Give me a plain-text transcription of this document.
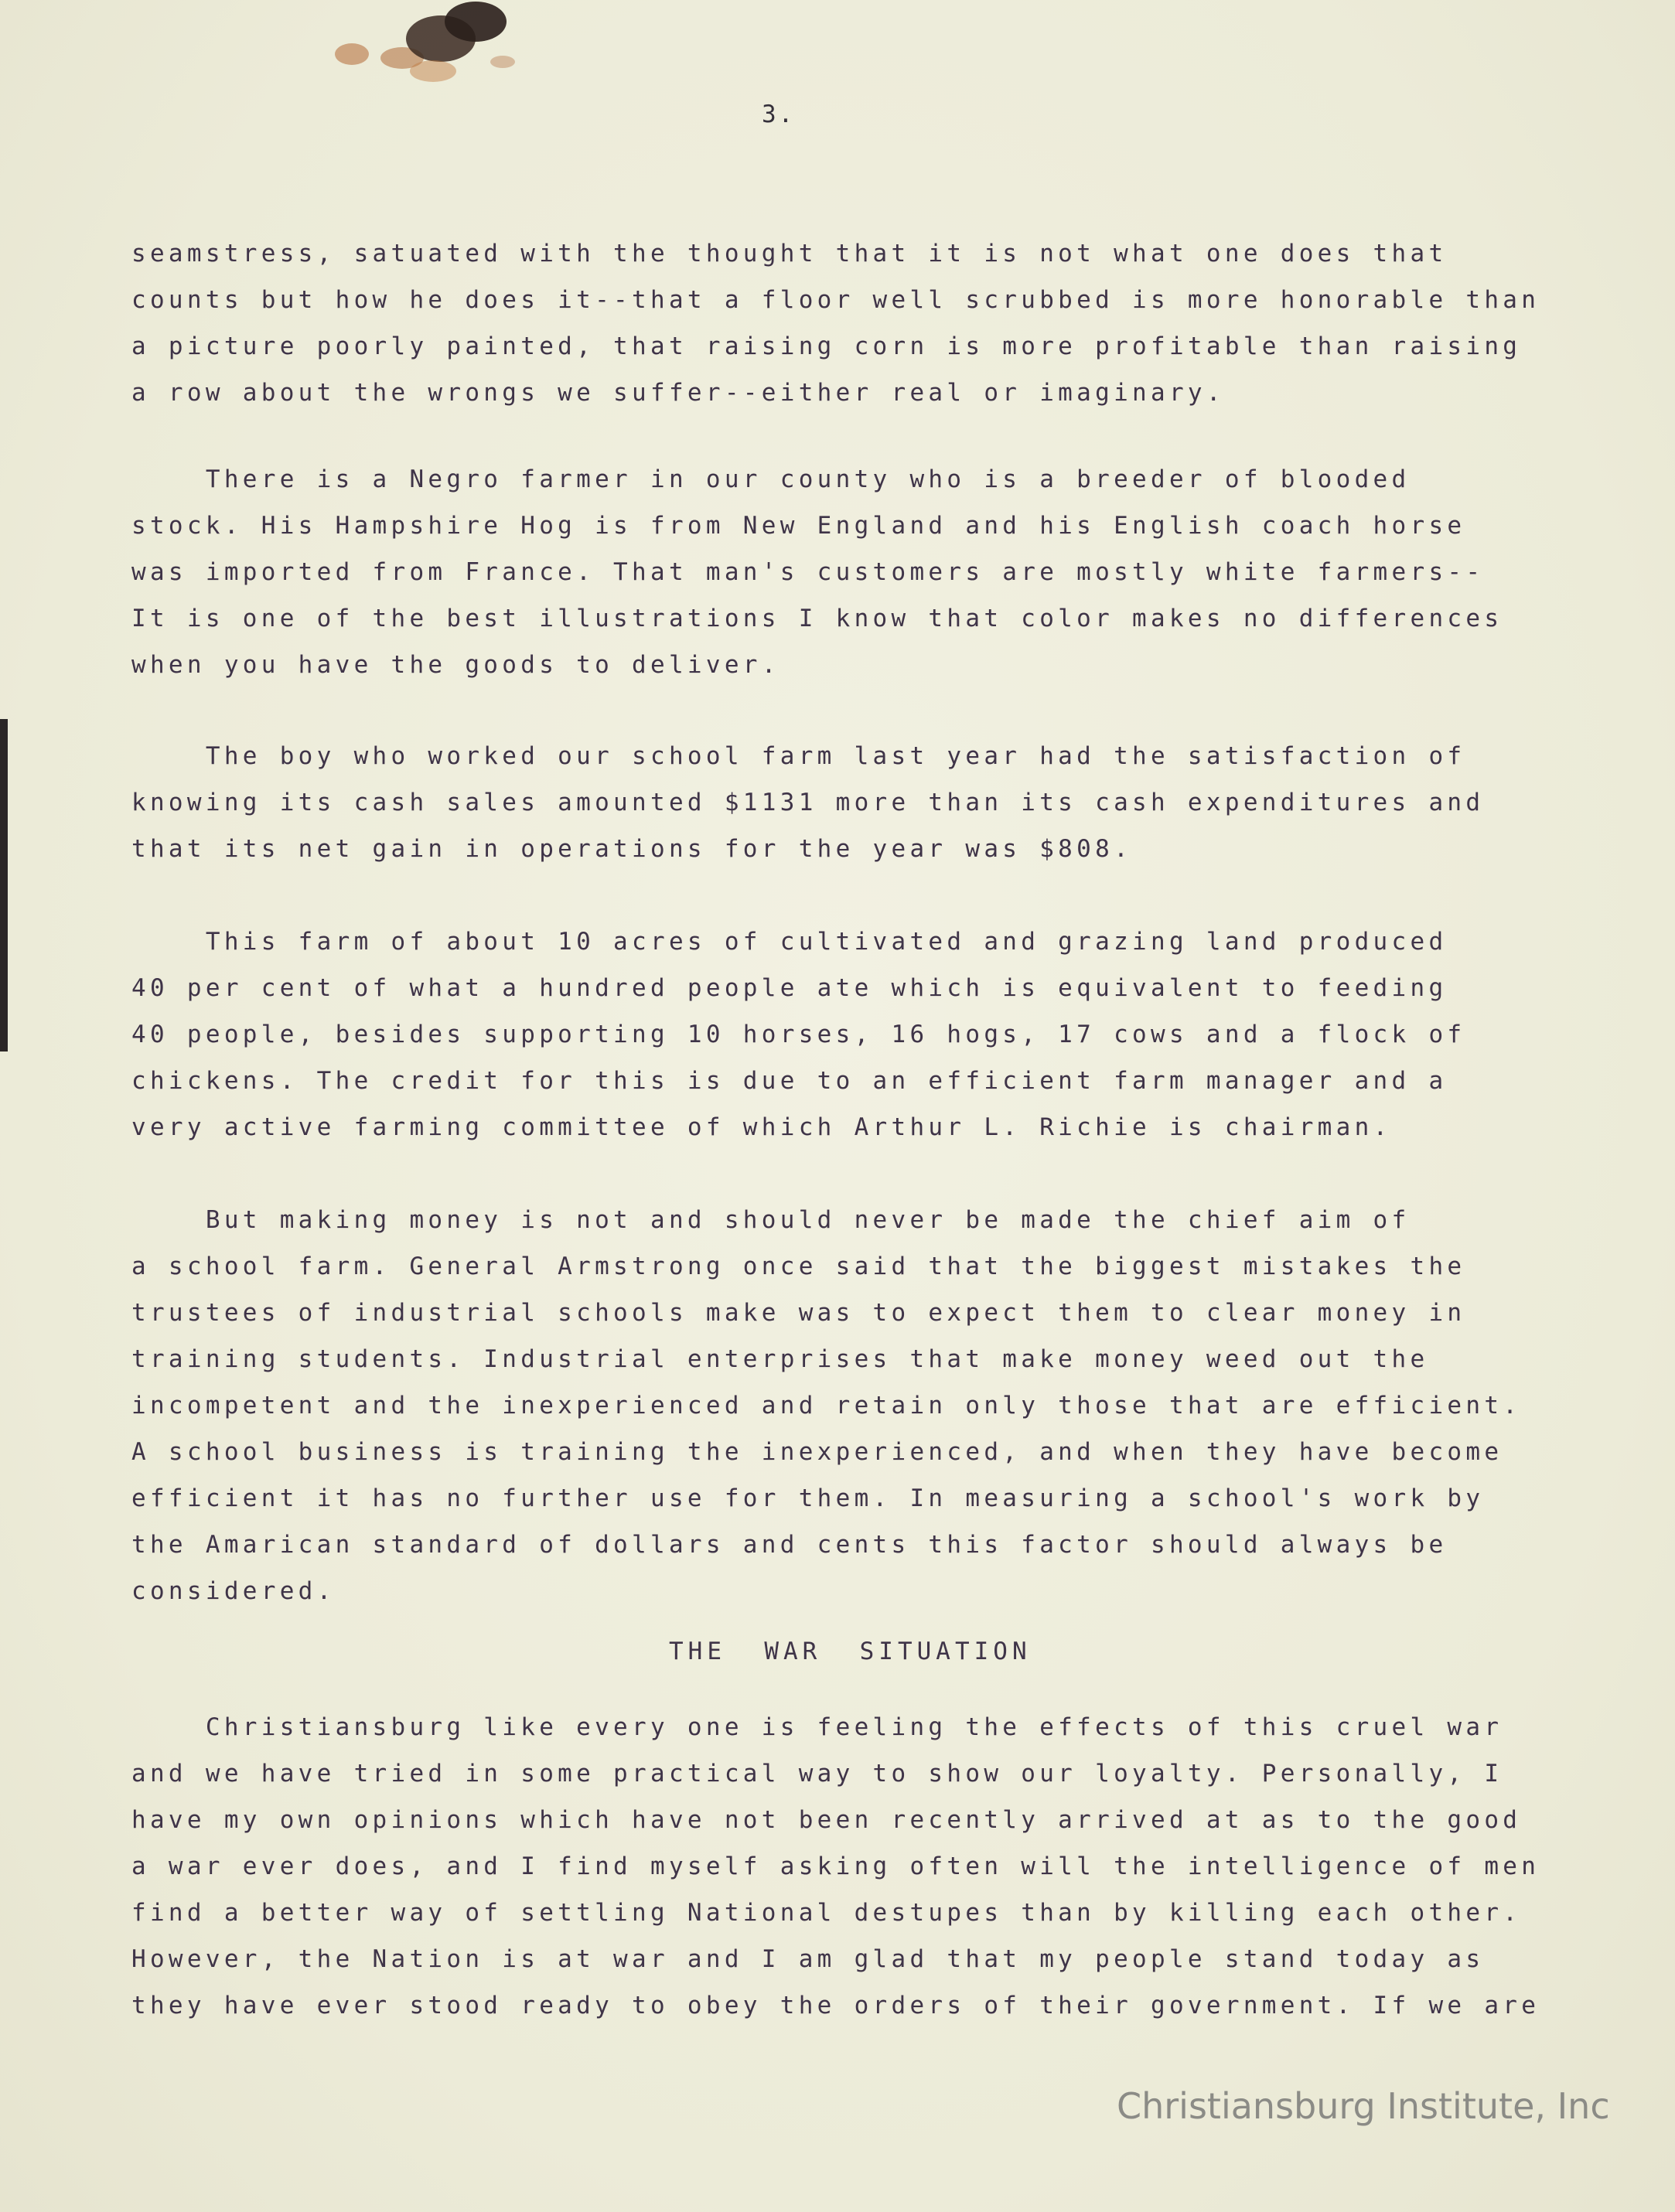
3.
seamstress, satuated with the thought that it is not what one does that
counts but how he does it--that a floor well scrubbed is more honorable than
a picture poorly painted, that raising corn is more profitable than raising
a row about the wrongs we suffer--either real or imaginary.
There is a Negro farmer in our county who is a breeder of blooded
stock. His Hampshire Hog is from New England and his English coach horse
was imported from France. That man's customers are mostly white farmers--
It is one of the best illustrations I know that color makes no differences
when you have the goods to deliver.
The boy who worked our school farm last year had the satisfaction of
knowing its cash sales amounted $1131 more than its cash expenditures and
that its net gain in operations for the year was $808.
This farm of about 10 acres of cultivated and grazing land produced
40 per cent of what a hundred people ate which is equivalent to feeding
40 people, besides supporting 10 horses, 16 hogs, 17 cows and a flock of
chickens. The credit for this is due to an efficient farm manager and a
very active farming committee of which Arthur L. Richie is chairman.
But making money is not and should never be made the chief aim of
a school farm. General Armstrong once said that the biggest mistakes the
trustees of industrial schools make was to expect them to clear money in
training students. Industrial enterprises that make money weed out the
incompetent and the inexperienced and retain only those that are efficient.
A school business is training the inexperienced, and when they have become
efficient it has no further use for them. In measuring a school's work by
the Amarican standard of dollars and cents this factor should always be
considered.
THE  WAR  SITUATION
Christiansburg like every one is feeling the effects of this cruel war
and we have tried in some practical way to show our loyalty. Personally, I
have my own opinions which have not been recently arrived at as to the good
a war ever does, and I find myself asking often will the intelligence of men
find a better way of settling National destupes than by killing each other.
However, the Nation is at war and I am glad that my people stand today as
they have ever stood ready to obey the orders of their government. If we are
Christiansburg Institute, Inc
